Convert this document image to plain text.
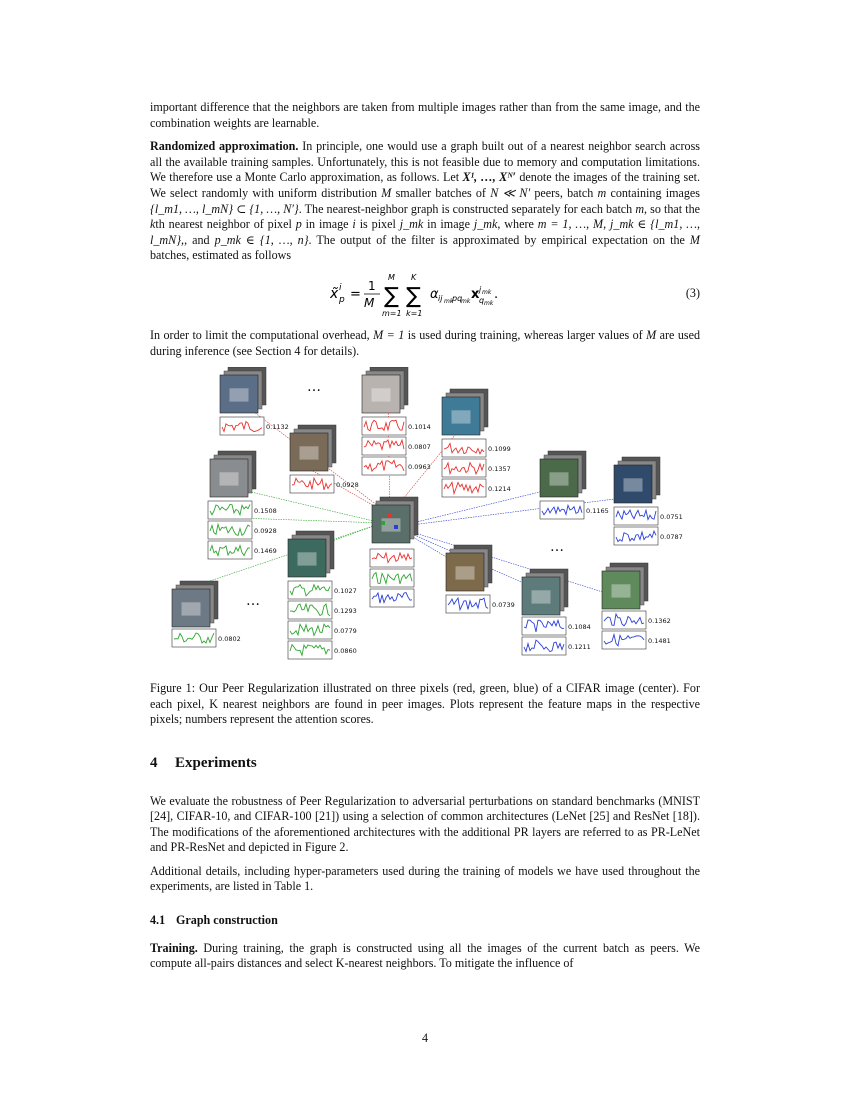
important difference that the neighbors are taken from multiple images rather than from the same image, and the combination weights are learnable.

Randomized approximation. In principle, one would use a graph built out of a nearest neighbor search across all the available training samples. Unfortunately, this is not feasible due to memory and computation limitations. We therefore use a Monte Carlo approximation, as follows. Let X¹, …, Xᴺ′ denote the images of the training set. We select randomly with uniform distribution M smaller batches of N ≪ N′ peers, batch m containing images {l_m1, …, l_mN} ⊂ {1, …, N′}. The nearest-neighbor graph is constructed separately for each batch m, so that the kth nearest neighbor of pixel p in image i is pixel j_mk in image j_mk, where m = 1, …, M, j_mk ∈ {l_m1, …, l_mN},, and p_mk ∈ {1, …, n}. The output of the filter is approximated by empirical expectation on the M batches, estimated as follows

x̃ p
i =
1
M ∑
M
m=1
∑
K
k=1
α ij mk
pq
mk x j mk
q mk
.	(3)

In order to limit the computational overhead, M = 1 is used during training, whereas larger values of M are used during inference (see Section 4 for details).

0.1132
0.0928
0.1014
0.0807
0.0963
0.1099
0.1357
0.1214
…
0.1508
0.0928
0.1469
0.0802
0.1027
0.1293
0.0779
0.0860
…
0.1165
0.0751
0.0787
0.0739
0.1084
0.1211
0.1362
0.1481
…

Figure 1: Our Peer Regularization illustrated on three pixels (red, green, blue) of a CIFAR image (center). For each pixel, K nearest neighbors are found in peer images. Plots represent the feature maps in the respective pixels; numbers represent the attention scores.

4 Experiments

We evaluate the robustness of Peer Regularization to adversarial perturbations on standard benchmarks (MNIST [24], CIFAR-10, and CIFAR-100 [21]) using a selection of common architectures (LeNet [25] and ResNet [18]). The modifications of the aforementioned architectures with the additional PR layers are referred to as PR-LeNet and PR-ResNet and depicted in Figure 2.

Additional details, including hyper-parameters used during the training of models we have used throughout the experiments, are listed in Table 1.

4.1 Graph construction

Training. During training, the graph is constructed using all the images of the current batch as peers. We compute all-pairs distances and select K-nearest neighbors. To mitigate the influence of

4
